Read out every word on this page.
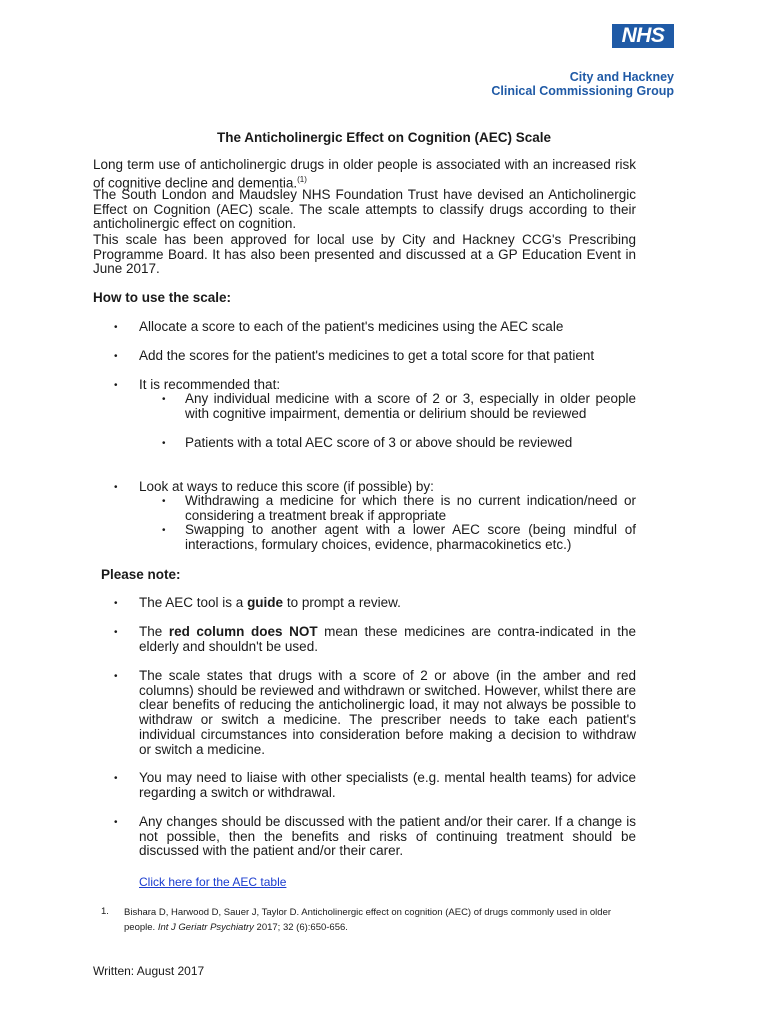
NHS
City and Hackney
Clinical Commissioning Group
The Anticholinergic Effect on Cognition (AEC) Scale
Long term use of anticholinergic drugs in older people is associated with an increased risk of cognitive decline and dementia.$^{(1)}$
The South London and Maudsley NHS Foundation Trust have devised an Anticholinergic Effect on Cognition (AEC) scale. The scale attempts to classify drugs according to their anticholinergic effect on cognition.
This scale has been approved for local use by City and Hackney CCG's Prescribing Programme Board. It has also been presented and discussed at a GP Education Event in June 2017.
How to use the scale:
• Allocate a score to each of the patient's medicines using the AEC scale
• Add the scores for the patient's medicines to get a total score for that patient
• It is recommended that:
• Any individual medicine with a score of 2 or 3, especially in older people with cognitive impairment, dementia or delirium should be reviewed
• Patients with a total AEC score of 3 or above should be reviewed
• Look at ways to reduce this score (if possible) by:
• Withdrawing a medicine for which there is no current indication/need or considering a treatment break if appropriate
• Swapping to another agent with a lower AEC score (being mindful of interactions, formulary choices, evidence, pharmacokinetics etc.)
Please note:
• The AEC tool is a guide to prompt a review.
• The red column does NOT mean these medicines are contra-indicated in the elderly and shouldn't be used.
• The scale states that drugs with a score of 2 or above (in the amber and red columns) should be reviewed and withdrawn or switched. However, whilst there are clear benefits of reducing the anticholinergic load, it may not always be possible to withdraw or switch a medicine. The prescriber needs to take each patient's individual circumstances into consideration before making a decision to withdraw or switch a medicine.
• You may need to liaise with other specialists (e.g. mental health teams) for advice regarding a switch or withdrawal.
• Any changes should be discussed with the patient and/or their carer. If a change is not possible, then the benefits and risks of continuing treatment should be discussed with the patient and/or their carer.
Click here for the AEC table
1. Bishara D, Harwood D, Sauer J, Taylor D. Anticholinergic effect on cognition (AEC) of drugs commonly used in older people. Int J Geriatr Psychiatry 2017; 32 (6):650-656.
Written: August 2017
